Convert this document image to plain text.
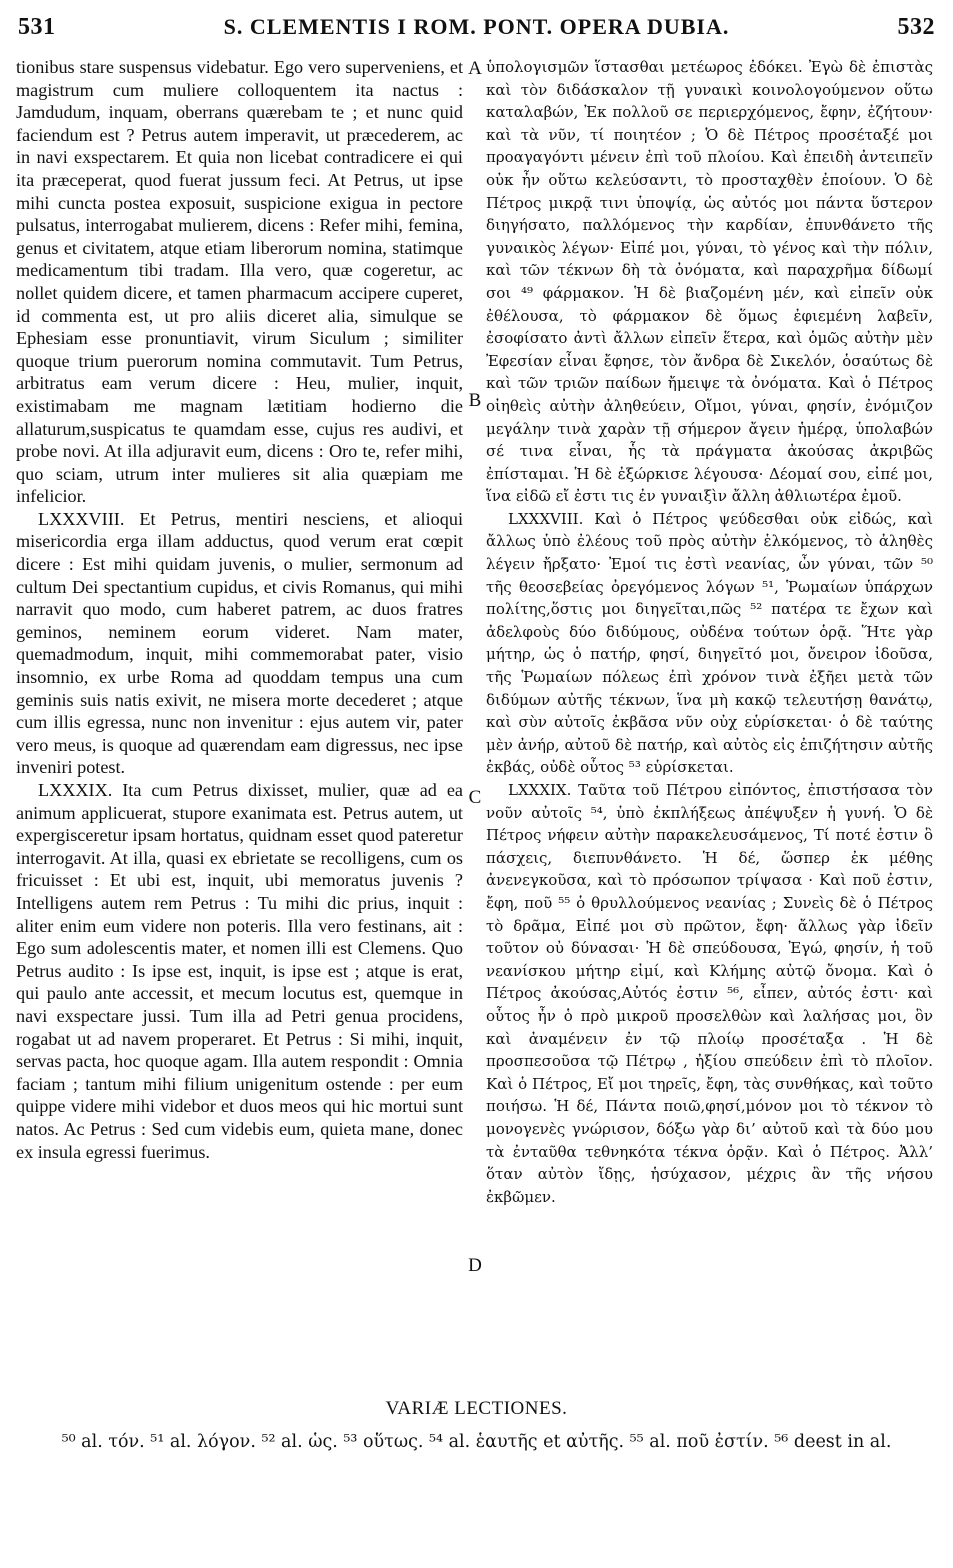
531	S. CLEMENTIS I ROM. PONT. OPERA DUBIA.	532

tionibus stare suspensus videbatur. Ego vero superveniens, et magistrum cum muliere colloquentem ita nactus : Jamdudum, inquam, oberrans quærebam te ; et nunc quid faciendum est ? Petrus autem imperavit, ut præcederem, ac in navi exspectarem. Et quia non licebat contradicere ei qui ita præceperat, quod fuerat jussum feci. At Petrus, ut ipse mihi cuncta postea exposuit, suspicione exigua in pectore pulsatus, interrogabat mulierem, dicens : Refer mihi, femina, genus et civitatem, atque etiam liberorum nomina, statimque medicamentum tibi tradam. Illa vero, quæ cogeretur, ac nollet quidem dicere, et tamen pharmacum accipere cuperet, id commenta est, ut pro aliis diceret alia, simulque se Ephesiam esse pronuntiavit, virum Siculum ; similiter quoque trium puerorum nomina commutavit. Tum Petrus, arbitratus eam verum dicere : Heu, mulier, inquit, existimabam me magnam lætitiam hodierno die allaturum,suspicatus te quamdam esse, cujus res audivi, et probe novi. At illa adjuravit eum, dicens : Oro te, refer mihi, quo sciam, utrum inter mulieres sit alia quæpiam me infelicior.

LXXXVIII. Et Petrus, mentiri nesciens, et alioqui misericordia erga illam adductus, quod verum erat cœpit dicere : Est mihi quidam juvenis, o mulier, sermonum ad cultum Dei spectantium cupidus, et civis Romanus, qui mihi narravit quo modo, cum haberet patrem, ac duos fratres geminos, neminem eorum videret. Nam mater, quemadmodum, inquit, mihi commemorabat pater, visio insomnio, ex urbe Roma ad quoddam tempus una cum geminis suis natis exivit, ne misera morte decederet ; atque cum illis egressa, nunc non invenitur : ejus autem vir, pater vero meus, is quoque ad quærendam eam digressus, nec ipse inveniri potest.

LXXXIX. Ita cum Petrus dixisset, mulier, quæ ad ea animum applicuerat, stupore exanimata est. Petrus autem, ut expergisceretur ipsam hortatus, quidnam esset quod pateretur interrogavit. At illa, quasi ex ebrietate se recolligens, cum os fricuisset : Et ubi est, inquit, ubi memoratus juvenis ? Intelligens autem rem Petrus : Tu mihi dic prius, inquit : aliter enim eum videre non poteris. Illa vero festinans, ait : Ego sum adolescentis mater, et nomen illi est Clemens. Quo Petrus audito : Is ipse est, inquit, is ipse est ; atque is erat, qui paulo ante accessit, et mecum locutus est, quemque in navi exspectare jussi. Tum illa ad Petri genua procidens, rogabat ut ad navem properaret. Et Petrus : Si mihi, inquit, servas pacta, hoc quoque agam. Illa autem respondit : Omnia faciam ; tantum mihi filium unigenitum ostende : per eum quippe videre mihi videbor et duos meos qui hic mortui sunt natos. Ac Petrus : Sed cum videbis eum, quieta mane, donec ex insula egressi fuerimus.

A
B
C
D

ὑπολογισμῶν ἵστασθαι μετέωρος ἐδόκει. Ἐγὼ δὲ ἐπιστὰς καὶ τὸν διδάσκαλον τῇ γυναικὶ κοινολογούμενον οὕτω καταλαβών, Ἐκ πολλοῦ σε περιερχόμενος, ἔφην, ἐζήτουν· καὶ τὰ νῦν, τί ποιητέον ; Ὁ δὲ Πέτρος προσέταξέ μοι προαγαγόντι μένειν ἐπὶ τοῦ πλοίου. Καὶ ἐπειδὴ ἀντειπεῖν οὐκ ἦν οὕτω κελεύσαντι, τὸ προσταχθὲν ἐποίουν. Ὁ δὲ Πέτρος μικρᾷ τινι ὑποψίᾳ, ὡς αὐτός μοι πάντα ὕστερον διηγήσατο, παλλόμενος τὴν καρδίαν, ἐπυνθάνετο τῆς γυναικὸς λέγων· Εἰπέ μοι, γύναι, τὸ γένος καὶ τὴν πόλιν, καὶ τῶν τέκνων δὴ τὰ ὀνόματα, καὶ παραχρῆμα δίδωμί σοι ⁴⁹ φάρμακον. Ἡ δὲ βιαζομένη μέν, καὶ εἰπεῖν οὐκ ἐθέλουσα, τὸ φάρμακον δὲ ὅμως ἐφιεμένη λαβεῖν, ἐσοφίσατο ἀντὶ ἄλλων εἰπεῖν ἕτερα, καὶ ὁμῶς αὐτὴν μὲν Ἐφεσίαν εἶναι ἔφησε, τὸν ἄνδρα δὲ Σικελόν, ὁσαύτως δὲ καὶ τῶν τριῶν παίδων ἤμειψε τὰ ὀνόματα. Καὶ ὁ Πέτρος οἰηθεὶς αὐτὴν ἀληθεύειν, Οἴμοι, γύναι, φησίν, ἐνόμιζον μεγάλην τινὰ χαρὰν τῇ σήμερον ἄγειν ἡμέρᾳ, ὑπολαβών σέ τινα εἶναι, ἧς τὰ πράγματα ἀκούσας ἀκριβῶς ἐπίσταμαι. Ἡ δὲ ἐξώρκισε λέγουσα· Δέομαί σου, εἰπέ μοι, ἵνα εἰδῶ εἴ ἐστι τις ἐν γυναιξὶν ἄλλη ἀθλιωτέρα ἐμοῦ.

LXXXVIII. Καὶ ὁ Πέτρος ψεύδεσθαι οὐκ εἰδώς, καὶ ἄλλως ὑπὸ ἐλέους τοῦ πρὸς αὐτὴν ἑλκόμενος, τὸ ἀληθὲς λέγειν ἤρξατο· Ἐμοί τις ἐστὶ νεανίας, ὦν γύναι, τῶν ⁵⁰ τῆς θεοσεβείας ὀρεγόμενος λόγων ⁵¹, Ῥωμαίων ὑπάρχων πολίτης,ὅστις μοι διηγεῖται,πῶς ⁵² πατέρα τε ἔχων καὶ ἀδελφοὺς δύο διδύμους, οὐδένα τούτων ὁρᾷ. Ἥτε γὰρ μήτηρ, ὡς ὁ πατήρ, φησί, διηγεῖτό μοι, ὄνειρον ἰδοῦσα, τῆς Ῥωμαίων πόλεως ἐπὶ χρόνον τινὰ ἐξῆει μετὰ τῶν διδύμων αὐτῆς τέκνων, ἵνα μὴ κακῷ τελευτήσῃ θανάτῳ, καὶ σὺν αὐτοῖς ἐκβᾶσα νῦν οὐχ εὑρίσκεται· ὁ δὲ ταύτης μὲν ἀνήρ, αὐτοῦ δὲ πατήρ, καὶ αὐτὸς εἰς ἐπιζήτησιν αὐτῆς ἐκβάς, οὐδὲ οὗτος ⁵³ εὑρίσκεται.

LXXXIX. Ταῦτα τοῦ Πέτρου εἰπόντος, ἐπιστήσασα τὸν νοῦν αὐτοῖς ⁵⁴, ὑπὸ ἐκπλήξεως ἀπέψυξεν ἡ γυνή. Ὁ δὲ Πέτρος νήφειν αὐτὴν παρακελευσάμενος, Τί ποτέ ἐστιν ὃ πάσχεις, διεπυνθάνετο. Ἡ δέ, ὥσπερ ἐκ μέθης ἀνενεγκοῦσα, καὶ τὸ πρόσωπον τρίψασα · Καὶ ποῦ ἐστιν, ἔφη, ποῦ ⁵⁵ ὁ θρυλλούμενος νεανίας ; Συνεὶς δὲ ὁ Πέτρος τὸ δρᾶμα, Εἰπέ μοι σὺ πρῶτον, ἔφη· ἄλλως γὰρ ἰδεῖν τοῦτον οὐ δύνασαι· Ἡ δὲ σπεύδουσα, Ἐγώ, φησίν, ἡ τοῦ νεανίσκου μήτηρ εἰμί, καὶ Κλήμης αὐτῷ ὄνομα. Καὶ ὁ Πέτρος ἀκούσας,Αὐτός ἐστιν ⁵⁶, εἶπεν, αὐτός ἐστι· καὶ οὗτος ἦν ὁ πρὸ μικροῦ προσελθὼν καὶ λαλήσας μοι, ὃν καὶ ἀναμένειν ἐν τῷ πλοίῳ προσέταξα . Ἡ δὲ προσπεσοῦσα τῷ Πέτρῳ , ἠξίου σπεύδειν ἐπὶ τὸ πλοῖον. Καὶ ὁ Πέτρος, Εἴ μοι τηρεῖς, ἔφη, τὰς συνθήκας, καὶ τοῦτο ποιήσω. Ἡ δέ, Πάντα ποιῶ,φησί,μόνον μοι τὸ τέκνον τὸ μονογενὲς γνώρισον, δόξω γὰρ δι’ αὐτοῦ καὶ τὰ δύο μου τὰ ἐνταῦθα τεθνηκότα τέκνα ὁρᾷν. Καὶ ὁ Πέτρος. Ἀλλ’ ὅταν αὐτὸν ἴδῃς, ἡσύχασον, μέχρις ἂν τῆς νήσου ἐκβῶμεν.

VARIÆ LECTIONES.
⁵⁰ al. τόν. ⁵¹ al. λόγον. ⁵² al. ὡς. ⁵³ οὕτως. ⁵⁴ al. ἑαυτῆς et αὐτῆς. ⁵⁵ al. ποῦ ἐστίν. ⁵⁶ deest in al.
